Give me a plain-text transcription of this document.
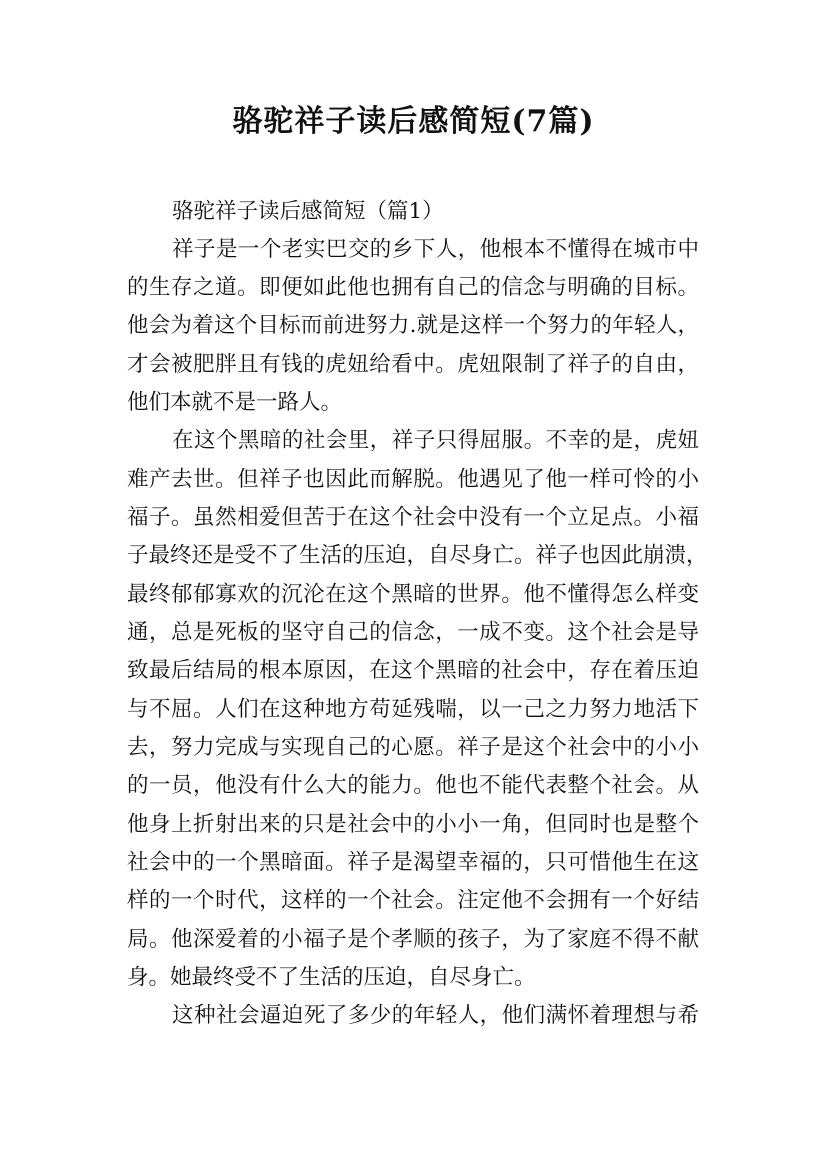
骆驼祥子读后感简短(7篇)
骆驼祥子读后感简短（篇1）
祥子是一个老实巴交的乡下人，他根本不懂得在城市中
的生存之道。即便如此他也拥有自己的信念与明确的目标。
他会为着这个目标而前进努力.就是这样一个努力的年轻人，
才会被肥胖且有钱的虎妞给看中。虎妞限制了祥子的自由，
他们本就不是一路人。
在这个黑暗的社会里，祥子只得屈服。不幸的是，虎妞
难产去世。但祥子也因此而解脱。他遇见了他一样可怜的小
福子。虽然相爱但苦于在这个社会中没有一个立足点。小福
子最终还是受不了生活的压迫，自尽身亡。祥子也因此崩溃，
最终郁郁寡欢的沉沦在这个黑暗的世界。他不懂得怎么样变
通，总是死板的坚守自己的信念，一成不变。这个社会是导
致最后结局的根本原因，在这个黑暗的社会中，存在着压迫
与不屈。人们在这种地方苟延残喘，以一己之力努力地活下
去，努力完成与实现自己的心愿。祥子是这个社会中的小小
的一员，他没有什么大的能力。他也不能代表整个社会。从
他身上折射出来的只是社会中的小小一角，但同时也是整个
社会中的一个黑暗面。祥子是渴望幸福的，只可惜他生在这
样的一个时代，这样的一个社会。注定他不会拥有一个好结
局。他深爱着的小福子是个孝顺的孩子，为了家庭不得不献
身。她最终受不了生活的压迫，自尽身亡。
这种社会逼迫死了多少的年轻人，他们满怀着理想与希
